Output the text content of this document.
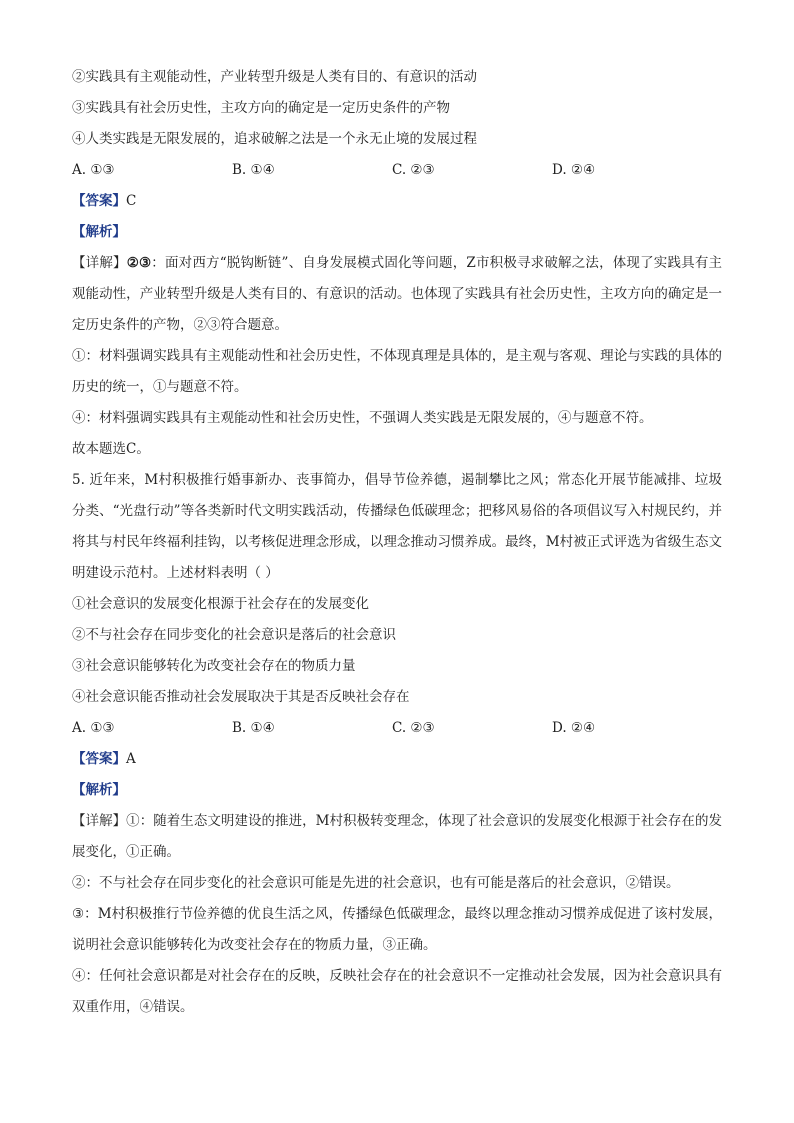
②实践具有主观能动性，产业转型升级是人类有目的、有意识的活动
③实践具有社会历史性，主攻方向的确定是一定历史条件的产物
④人类实践是无限发展的，追求破解之法是一个永无止境的发展过程
A. ①③	B. ①④	C. ②③	D. ②④
【答案】C
【解析】
【详解】②③：面对西方“脱钩断链”、自身发展模式固化等问题，Z市积极寻求破解之法，体现了实践具有主观能动性，产业转型升级是人类有目的、有意识的活动。也体现了实践具有社会历史性，主攻方向的确定是一定历史条件的产物，②③符合题意。
①：材料强调实践具有主观能动性和社会历史性，不体现真理是具体的，是主观与客观、理论与实践的具体的历史的统一，①与题意不符。
④：材料强调实践具有主观能动性和社会历史性，不强调人类实践是无限发展的，④与题意不符。
故本题选C。
5. 近年来，M村积极推行婚事新办、丧事简办，倡导节俭养德，遏制攀比之风；常态化开展节能减排、垃圾分类、“光盘行动”等各类新时代文明实践活动，传播绿色低碳理念；把移风易俗的各项倡议写入村规民约，并将其与村民年终福利挂钩，以考核促进理念形成，以理念推动习惯养成。最终，M村被正式评选为省级生态文明建设示范村。上述材料表明（ ）
①社会意识的发展变化根源于社会存在的发展变化
②不与社会存在同步变化的社会意识是落后的社会意识
③社会意识能够转化为改变社会存在的物质力量
④社会意识能否推动社会发展取决于其是否反映社会存在
A. ①③	B. ①④	C. ②③	D. ②④
【答案】A
【解析】
【详解】①：随着生态文明建设的推进，M村积极转变理念，体现了社会意识的发展变化根源于社会存在的发展变化，①正确。
②：不与社会存在同步变化的社会意识可能是先进的社会意识，也有可能是落后的社会意识，②错误。
③：M村积极推行节俭养德的优良生活之风，传播绿色低碳理念，最终以理念推动习惯养成促进了该村发展，说明社会意识能够转化为改变社会存在的物质力量，③正确。
④：任何社会意识都是对社会存在的反映，反映社会存在的社会意识不一定推动社会发展，因为社会意识具有双重作用，④错误。
